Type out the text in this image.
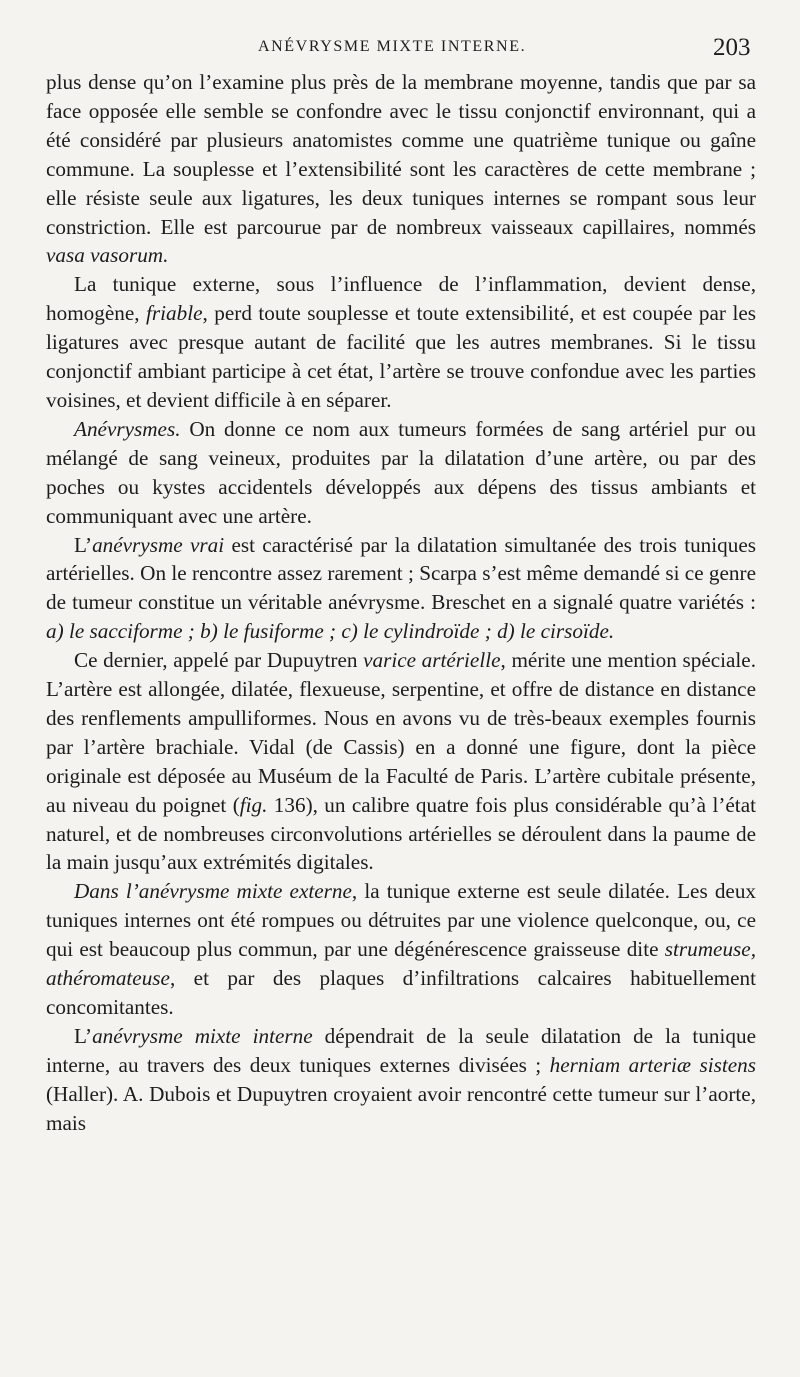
ANÉVRYSME MIXTE INTERNE.	203

plus dense qu’on l’examine plus près de la membrane moyenne, tandis que par sa face opposée elle semble se confondre avec le tissu conjonctif environnant, qui a été considéré par plusieurs anatomistes comme une quatrième tunique ou gaîne commune. La souplesse et l’extensibilité sont les caractères de cette membrane ; elle résiste seule aux ligatures, les deux tuniques internes se rompant sous leur constriction. Elle est parcourue par de nombreux vaisseaux capillaires, nommés vasa vasorum.

La tunique externe, sous l’influence de l’inflammation, devient dense, homogène, friable, perd toute souplesse et toute extensibilité, et est coupée par les ligatures avec presque autant de facilité que les autres membranes. Si le tissu conjonctif ambiant participe à cet état, l’artère se trouve confondue avec les parties voisines, et devient difficile à en séparer.

Anévrysmes. On donne ce nom aux tumeurs formées de sang artériel pur ou mélangé de sang veineux, produites par la dilatation d’une artère, ou par des poches ou kystes accidentels développés aux dépens des tissus ambiants et communiquant avec une artère.

L’anévrysme vrai est caractérisé par la dilatation simultanée des trois tuniques artérielles. On le rencontre assez rarement ; Scarpa s’est même demandé si ce genre de tumeur constitue un véritable anévrysme. Breschet en a signalé quatre variétés : a) le sacciforme ; b) le fusiforme ; c) le cylindroïde ; d) le cirsoïde.

Ce dernier, appelé par Dupuytren varice artérielle, mérite une mention spéciale. L’artère est allongée, dilatée, flexueuse, serpentine, et offre de distance en distance des renflements ampulliformes. Nous en avons vu de très-beaux exemples fournis par l’artère brachiale. Vidal (de Cassis) en a donné une figure, dont la pièce originale est déposée au Muséum de la Faculté de Paris. L’artère cubitale présente, au niveau du poignet (fig. 136), un calibre quatre fois plus considérable qu’à l’état naturel, et de nombreuses circonvolutions artérielles se déroulent dans la paume de la main jusqu’aux extrémités digitales.

Dans l’anévrysme mixte externe, la tunique externe est seule dilatée. Les deux tuniques internes ont été rompues ou détruites par une violence quelconque, ou, ce qui est beaucoup plus commun, par une dégénérescence graisseuse dite strumeuse, athéromateuse, et par des plaques d’infiltrations calcaires habituellement concomitantes.

L’anévrysme mixte interne dépendrait de la seule dilatation de la tunique interne, au travers des deux tuniques externes divisées ; herniam arteriæ sistens (Haller). A. Dubois et Dupuytren croyaient avoir rencontré cette tumeur sur l’aorte, mais
